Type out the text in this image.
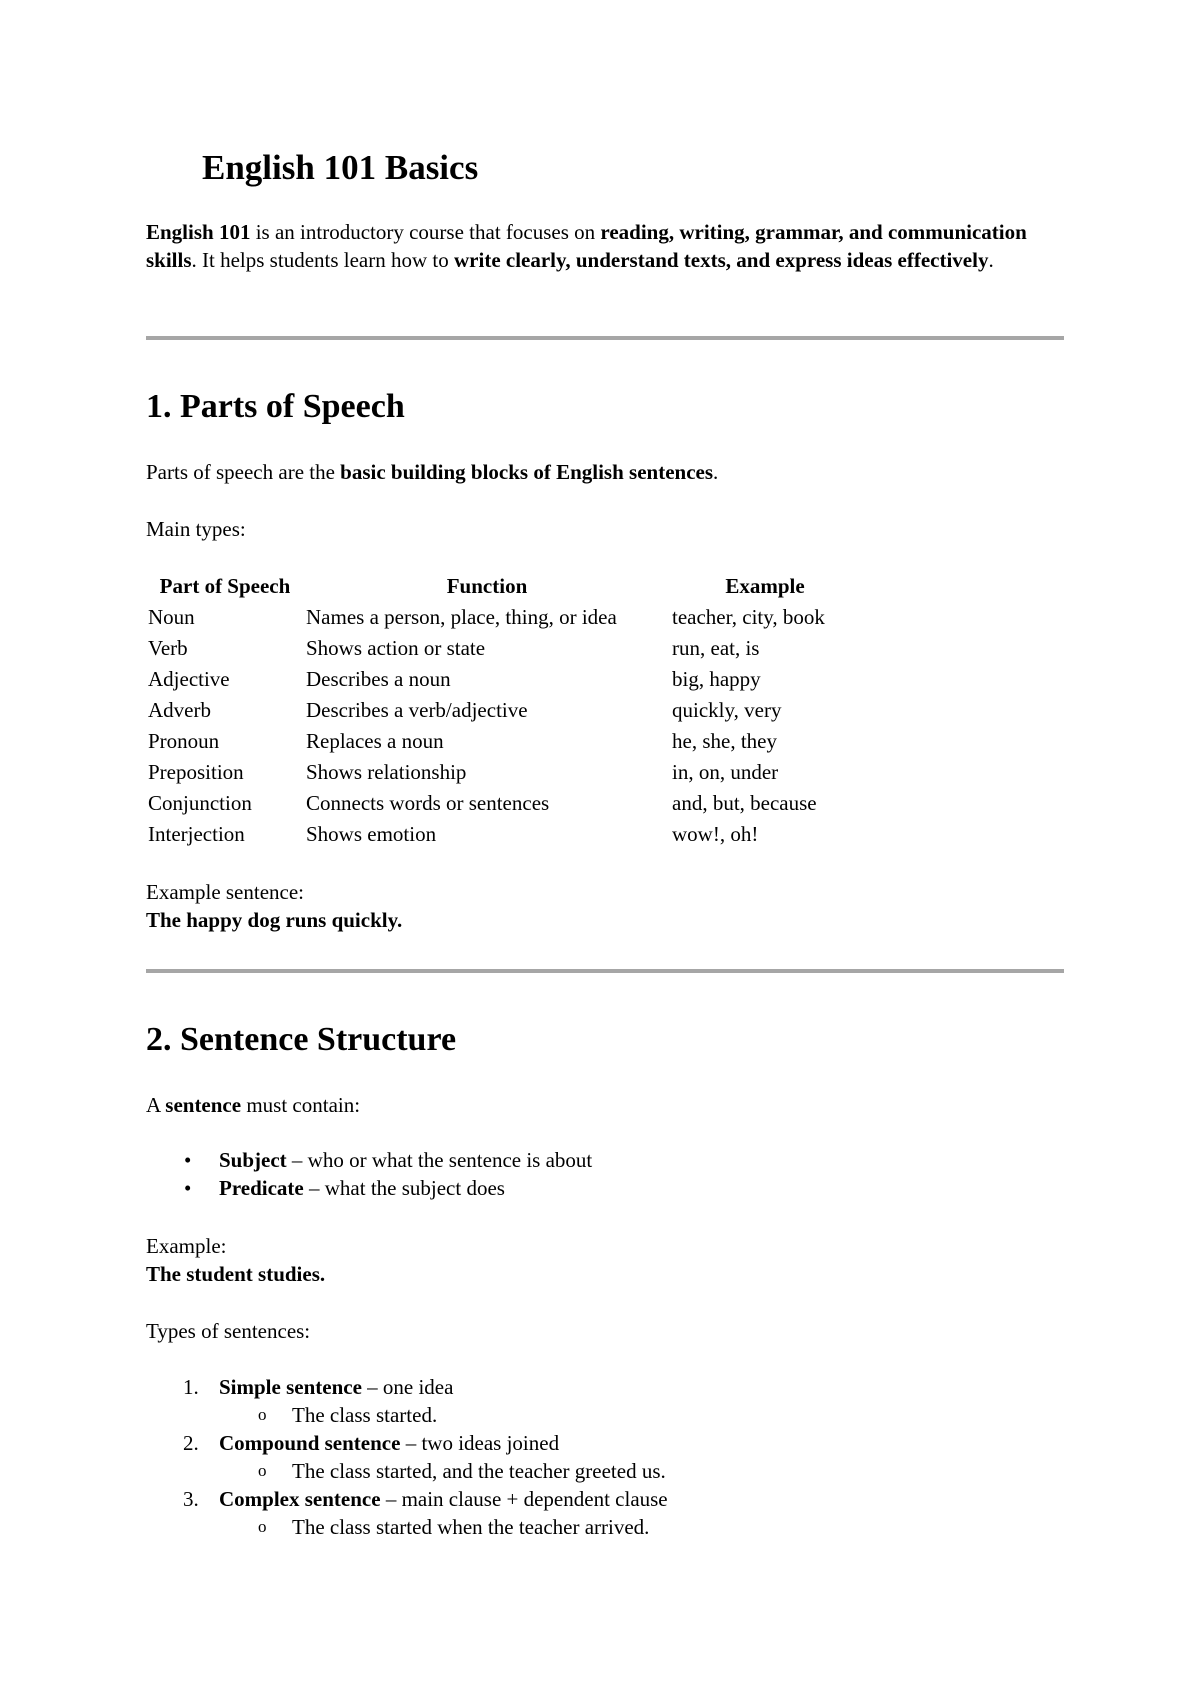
English 101 Basics

English 101 is an introductory course that focuses on reading, writing, grammar, and communication skills. It helps students learn how to write clearly, understand texts, and express ideas effectively.

1. Parts of Speech

Parts of speech are the basic building blocks of English sentences.

Main types:

Part of Speech	Function	Example
Noun	Names a person, place, thing, or idea	teacher, city, book
Verb	Shows action or state	run, eat, is
Adjective	Describes a noun	big, happy
Adverb	Describes a verb/adjective	quickly, very
Pronoun	Replaces a noun	he, she, they
Preposition	Shows relationship	in, on, under
Conjunction	Connects words or sentences	and, but, because
Interjection	Shows emotion	wow!, oh!

Example sentence:

The happy dog runs quickly.

2. Sentence Structure

A sentence must contain:

• Subject – who or what the sentence is about
• Predicate – what the subject does

Example:

The student studies.

Types of sentences:

1. Simple sentence – one idea
o The class started.
2. Compound sentence – two ideas joined
o The class started, and the teacher greeted us.
3. Complex sentence – main clause + dependent clause
o The class started when the teacher arrived.
